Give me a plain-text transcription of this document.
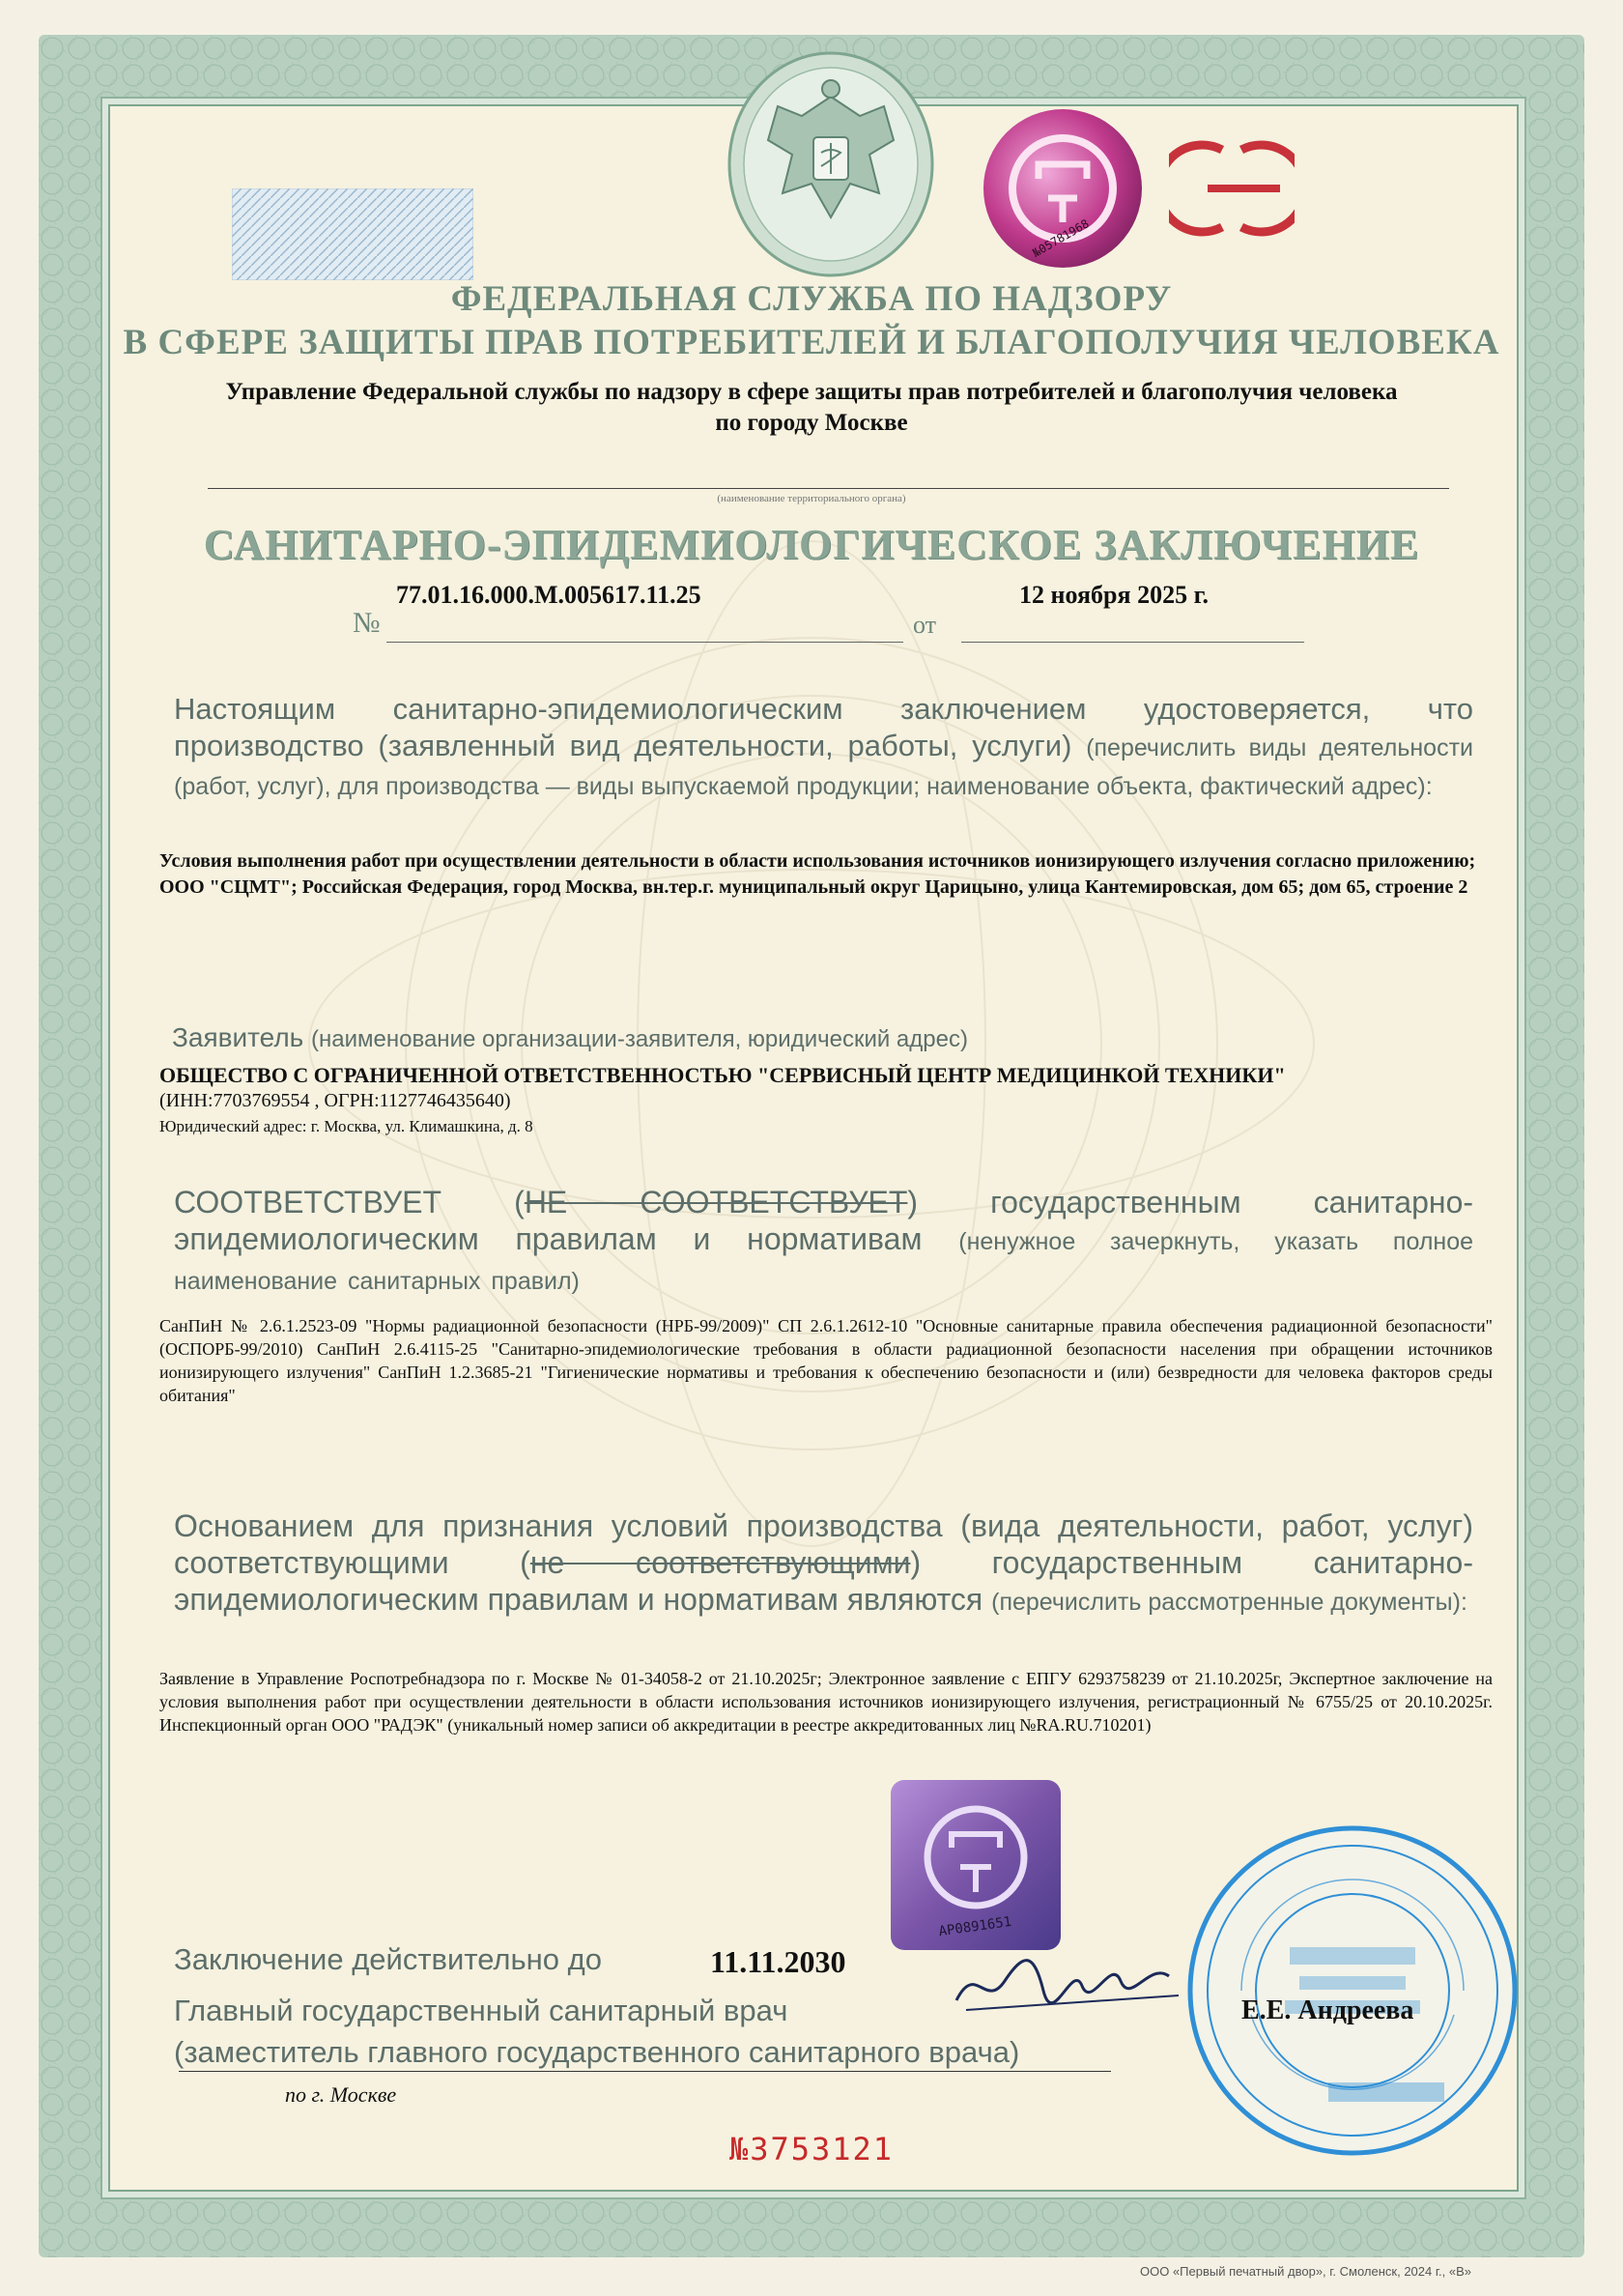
№05781968
ФЕДЕРАЛЬНАЯ СЛУЖБА ПО НАДЗОРУ
В СФЕРЕ ЗАЩИТЫ ПРАВ ПОТРЕБИТЕЛЕЙ И БЛАГОПОЛУЧИЯ ЧЕЛОВЕКА
Управление Федеральной службы по надзору в сфере защиты прав потребителей и благополучия человека
по городу Москве
(наименование территориального органа)
САНИТАРНО-ЭПИДЕМИОЛОГИЧЕСКОЕ ЗАКЛЮЧЕНИЕ
№
77.01.16.000.М.005617.11.25
от
12 ноября 2025 г.
Настоящим санитарно-эпидемиологическим заключением удостоверяется, что производство (заявленный вид деятельности, работы, услуги) (перечислить виды деятельности (работ, услуг), для производства — виды выпускаемой продукции; наименование объекта, фактический адрес):
Условия выполнения работ при осуществлении деятельности в области использования источников ионизирующего излучения согласно приложению; ООО "СЦМТ"; Российская Федерация, город Москва, вн.тер.г. муниципальный округ Царицыно, улица Кантемировская, дом 65; дом 65, строение 2
Заявитель (наименование организации-заявителя, юридический адрес)
ОБЩЕСТВО С ОГРАНИЧЕННОЙ ОТВЕТСТВЕННОСТЬЮ "СЕРВИСНЫЙ ЦЕНТР МЕДИЦИНКОЙ ТЕХНИКИ"
(ИНН:7703769554 , ОГРН:1127746435640)
Юридический адрес: г. Москва, ул. Климашкина, д. 8
СООТВЕТСТВУЕТ (НЕ СООТВЕТСТВУЕТ) государственным санитарно-эпидемиологическим правилам и нормативам (ненужное зачеркнуть, указать полное наименование санитарных правил)
СанПиН № 2.6.1.2523-09 "Нормы радиационной безопасности (НРБ-99/2009)" СП 2.6.1.2612-10 "Основные санитарные правила обеспечения радиационной безопасности" (ОСПОРБ-99/2010) СанПиН 2.6.4115-25 "Санитарно-эпидемиологические требования в области радиационной безопасности населения при обращении источников ионизирующего излучения" СанПиН 1.2.3685-21 "Гигиенические нормативы и требования к обеспечению безопасности и (или) безвредности для человека факторов среды обитания"
Основанием для признания условий производства (вида деятельности, работ, услуг) соответствующими (не соответствующими) государственным санитарно-эпидемиологическим правилам и нормативам являются (перечислить рассмотренные документы):
Заявление в Управление Роспотребнадзора по г. Москве № 01-34058-2 от 21.10.2025г; Электронное заявление с ЕПГУ 6293758239 от 21.10.2025г, Экспертное заключение на условия выполнения работ при осуществлении деятельности в области использования источников ионизирующего излучения, регистрационный № 6755/25 от 20.10.2025г. Инспекционный орган ООО "РАДЭК" (уникальный номер записи об аккредитации в реестре аккредитованных лиц №RA.RU.710201)
AP0891651
Заключение действительно до	11.11.2030
Главный государственный санитарный врач
(заместитель главного государственного санитарного врача)
Е.Е. Андреева
по г. Москве
№3753121
ООО «Первый печатный двор», г. Смоленск, 2024 г., «В»
